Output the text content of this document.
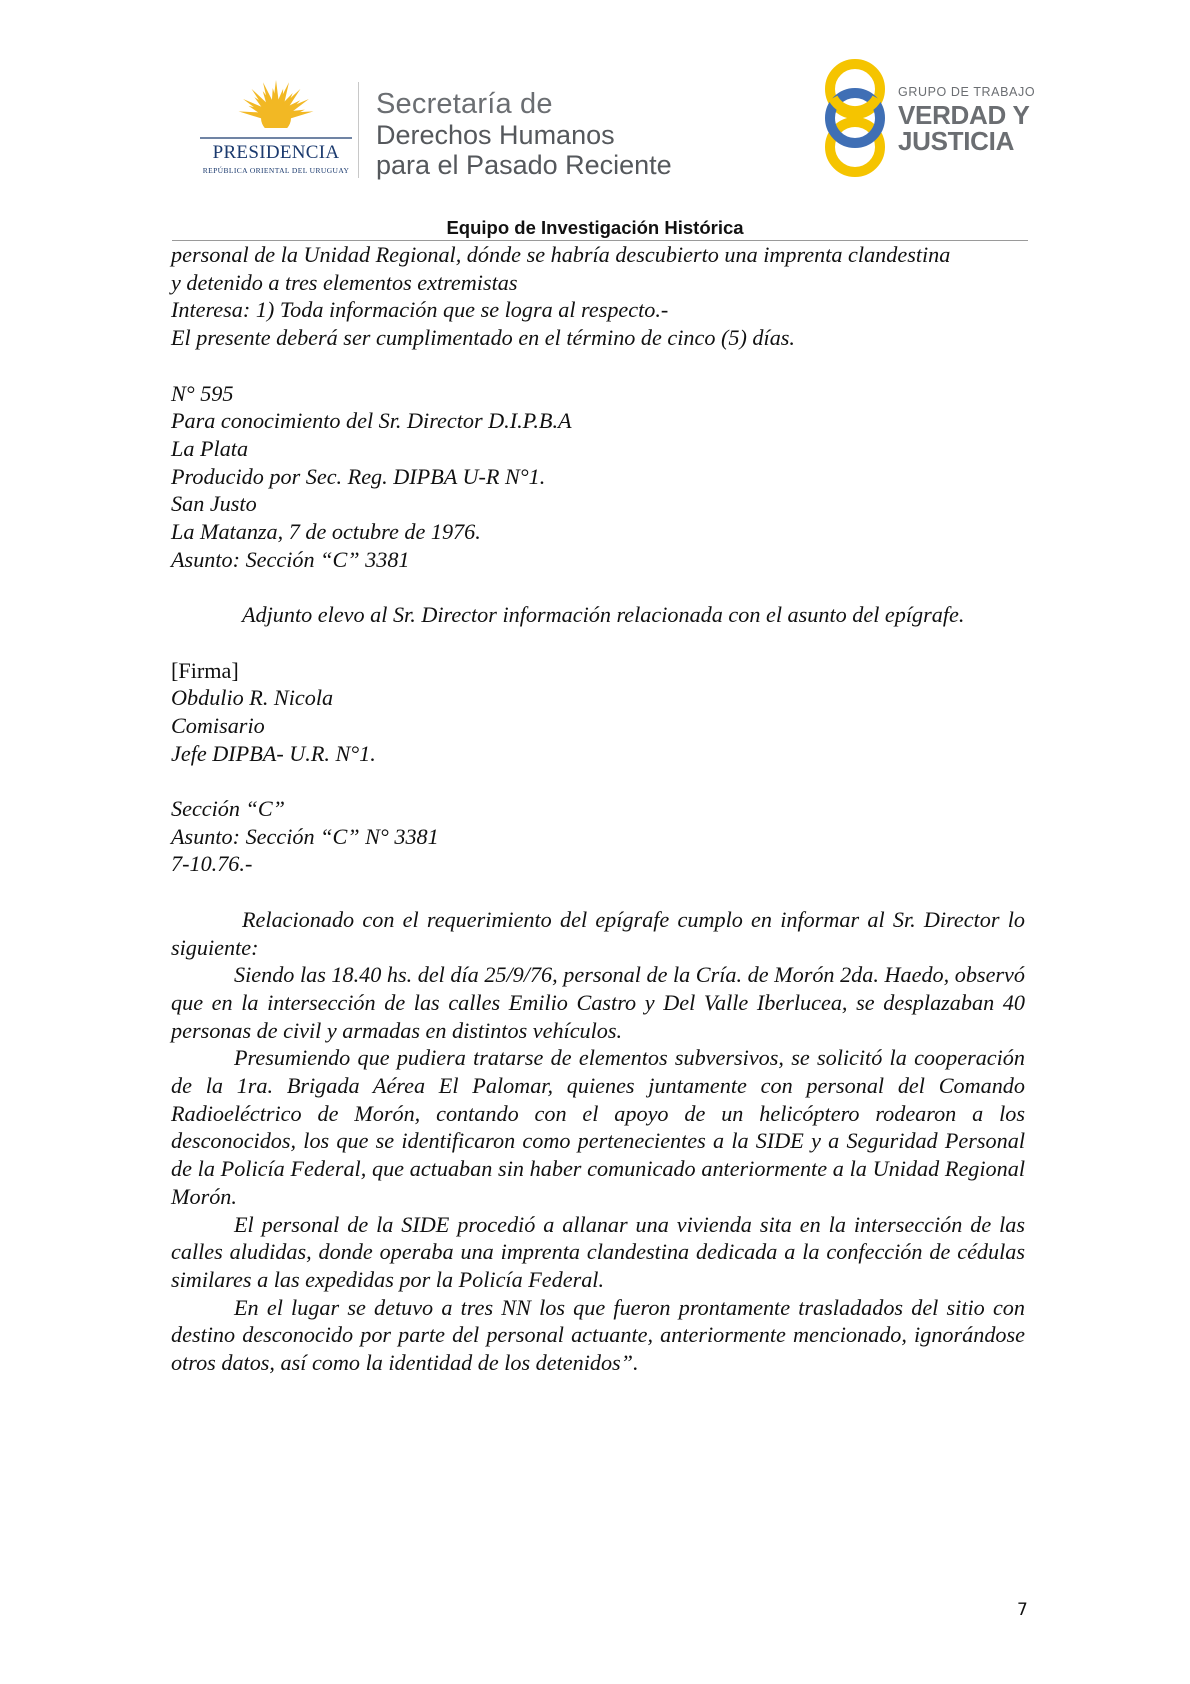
PRESIDENCIA
REPÚBLICA ORIENTAL DEL URUGUAY
Secretaría de
Derechos Humanos
para el Pasado Reciente
GRUPO DE TRABAJO
VERDAD Y
JUSTICIA
Equipo de Investigación Histórica

personal de la Unidad Regional, dónde se habría descubierto una imprenta clandestina

y detenido a tres elementos extremistas

Interesa: 1) Toda información que se logra al respecto.-

El presente deberá ser cumplimentado en el término de cinco (5) días.

N° 595

Para conocimiento del Sr. Director D.I.P.B.A

La Plata

Producido por Sec. Reg. DIPBA U-R N°1.

San Justo

La Matanza, 7 de octubre de 1976.

Asunto: Sección “C” 3381

Adjunto elevo al Sr. Director información relacionada con el asunto del epígrafe.

[Firma]

Obdulio R. Nicola

Comisario

Jefe DIPBA- U.R. N°1.

Sección “C”

Asunto: Sección “C” N° 3381

7-10.76.-

Relacionado con el requerimiento del epígrafe cumplo en informar al Sr. Director lo siguiente:

Siendo las 18.40 hs. del día 25/9/76, personal de la Cría. de Morón 2da. Haedo, observó que en la intersección de las calles Emilio Castro y Del Valle Iberlucea, se desplazaban 40 personas de civil y armadas en distintos vehículos.

Presumiendo que pudiera tratarse de elementos subversivos, se solicitó la cooperación de la 1ra. Brigada Aérea El Palomar, quienes juntamente con personal del Comando Radioeléctrico de Morón, contando con el apoyo de un helicóptero rodearon a los desconocidos, los que se identificaron como pertenecientes a la SIDE y a Seguridad Personal de la Policía Federal, que actuaban sin haber comunicado anteriormente a la Unidad Regional Morón.

El personal de la SIDE procedió a allanar una vivienda sita en la intersección de las calles aludidas, donde operaba una imprenta clandestina dedicada a la confección de cédulas similares a las expedidas por la Policía Federal.

En el lugar se detuvo a tres NN los que fueron prontamente trasladados del sitio con destino desconocido por parte del personal actuante, anteriormente mencionado, ignorándose otros datos, así como la identidad de los detenidos”.

7
